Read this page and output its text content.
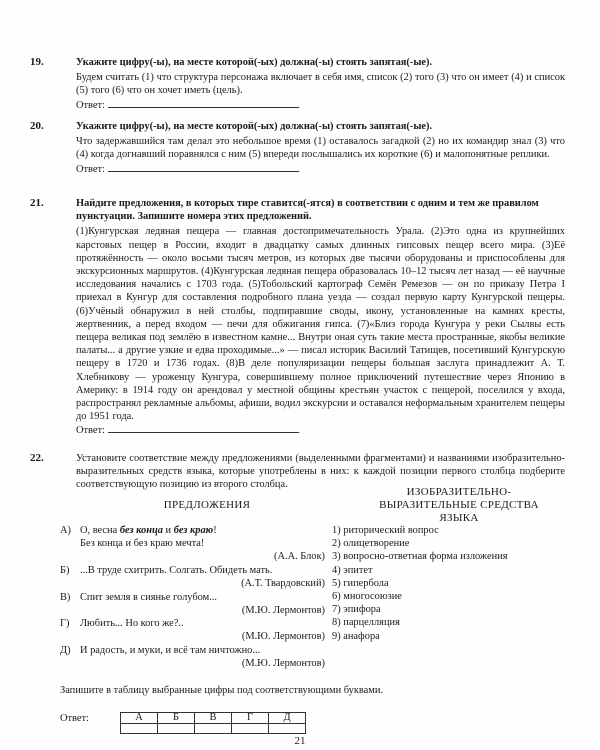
19.	Укажите цифру(-ы), на месте которой(-ых) должна(-ы) стоять запятая(-ые).
Будем считать (1) что структура персонажа включает в себя имя, список (2) того (3) что он имеет (4) и список (5) того (6) что он хочет иметь (цель).
Ответ:	.
20.	Укажите цифру(-ы), на месте которой(-ых) должна(-ы) стоять запятая(-ые).
Что задержавшийся там делал это небольшое время (1) оставалось загадкой (2) но их командир знал (3) что (4) когда догнавший поравнялся с ним (5) впереди послышались их короткие (6) и малопонятные реплики.
Ответ:	.
21.	Найдите предложения, в которых тире ставится(-ятся) в соответствии с одним и тем же правилом пунктуации. Запишите номера этих предложений.
(1)Кунгурская ледяная пещера — главная достопримечательность Урала. (2)Это одна из крупнейших карстовых пещер в России, входит в двадцатку самых длинных гипсовых пещер всего мира. (3)Её протяжённость — около восьми тысяч метров, из которых две тысячи оборудованы и приспособлены для экскурсионных маршрутов. (4)Кунгурская ледяная пещера образовалась 10–12 тысяч лет назад — её научные исследования начались с 1703 года. (5)Тобольский картограф Семён Ремезов — он по приказу Петра I приехал в Кунгур для составления подробного плана уезда — создал первую карту Кунгурской пещеры. (6)Учёный обнаружил в ней столбы, подпиравшие своды, икону, установленные на камнях кресты, жертвенник, а перед входом — печи для обжигания гипса. (7)«Близ города Кунгура у реки Сылвы есть пещера великая под землёю в известном камне... Внутри оная суть такие места пространные, якобы великие палаты... а другие узкие и едва проходимые...» — писал историк Василий Татищев, посетивший Кунгурскую пещеру в 1720 и 1736 годах. (8)В деле популяризации пещеры большая заслуга принадлежит А. Т. Хлебникову — уроженцу Кунгура, совершившему полное приключений путешествие через Японию в Америку: в 1914 году он арендовал у местной общины крестьян участок с пещерой, поселился у входа, распространял рекламные альбомы, афиши, водил экскурсии и оставался неформальным хранителем пещеры до 1951 года.
Ответ:	.
22.	Установите соответствие между предложениями (выделенными фрагментами) и названиями изобразительно-выразительных средств языка, которые употреблены в них: к каждой позиции первого столбца подберите соответствующую позицию из второго столбца.
ПРЕДЛОЖЕНИЯ
ИЗОБРАЗИТЕЛЬНО-
ВЫРАЗИТЕЛЬНЫЕ СРЕДСТВА
ЯЗЫКА
А) О, весна без конца и без краю!
Без конца и без краю мечта!
(А.А. Блок)
Б) ...В труде схитрить. Солгать. Обидеть мать.
(А.Т. Твардовский)
В) Спит земля в сиянье голубом...
(М.Ю. Лермонтов)
Г) Любить... Но кого же?..
(М.Ю. Лермонтов)
Д) И радость, и муки, и всё там ничтожно...
(М.Ю. Лермонтов)
1) риторический вопрос
2) олицетворение
3) вопросно-ответная форма изложения
4) эпитет
5) гипербола
6) многосоюзие
7) эпифора
8) парцелляция
9) анафора
Запишите в таблицу выбранные цифры под соответствующими буквами.
Ответ:	А	Б	В	Г	Д

21
